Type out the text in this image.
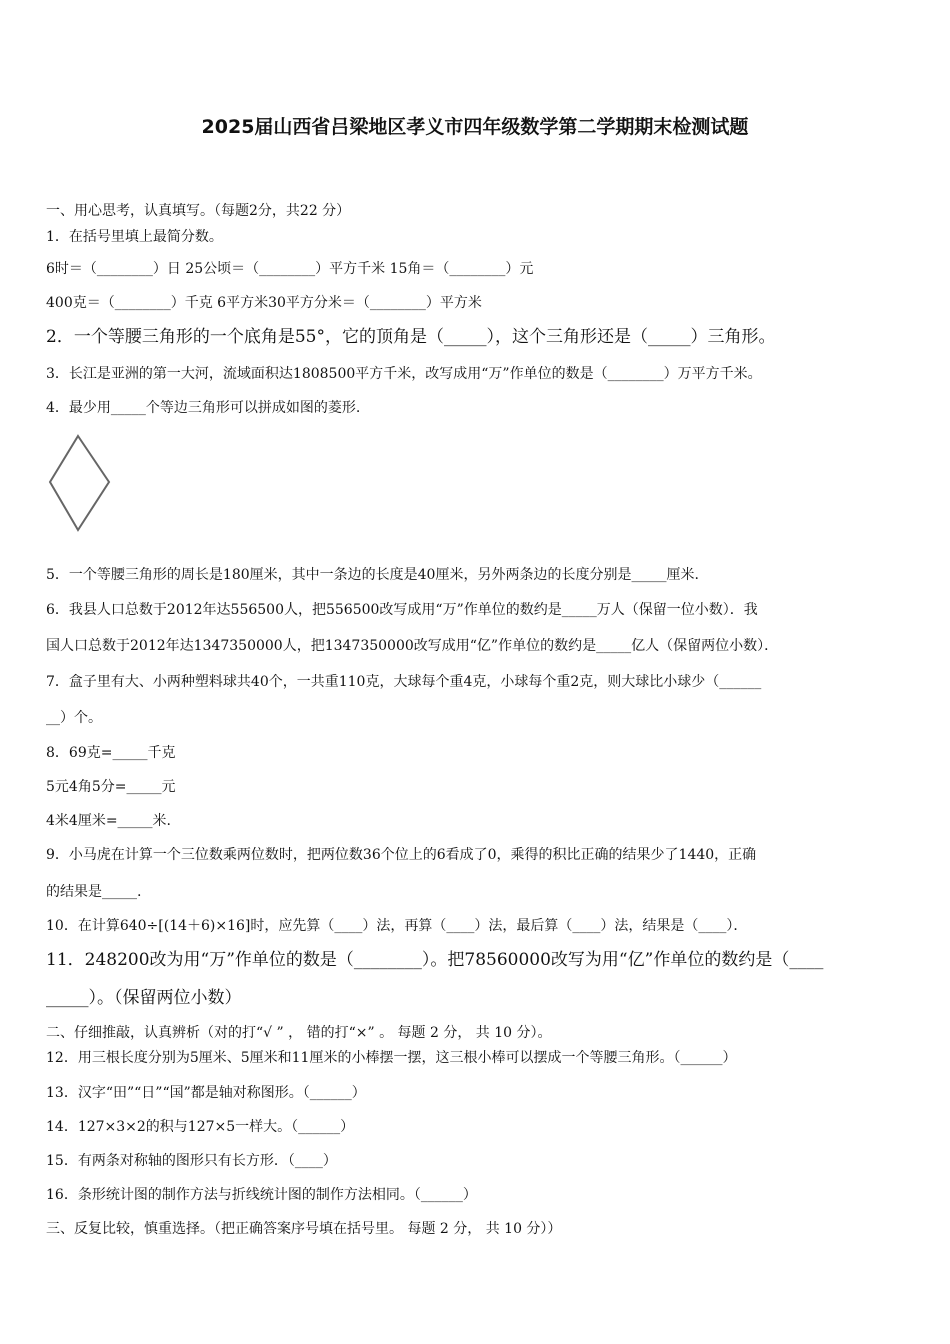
2025届山西省吕梁地区孝义市四年级数学第二学期期末检测试题
一、用心思考，认真填写。（每题2分，共22 分）
1．在括号里填上最简分数。
6时＝（________）日 25公顷＝（________）平方千米 15角＝（________）元
400克＝（________）千克 6平方米30平方分米＝（________）平方米
2．一个等腰三角形的一个底角是55°，它的顶角是（_____），这个三角形还是（_____）三角形。
3．长江是亚洲的第一大河，流域面积达1808500平方千米，改写成用“万”作单位的数是（________）万平方千米。
4．最少用_____个等边三角形可以拼成如图的菱形.
5．一个等腰三角形的周长是180厘米，其中一条边的长度是40厘米，另外两条边的长度分别是_____厘米.
6．我县人口总数于2012年达556500人，把556500改写成用“万”作单位的数约是_____万人（保留一位小数）．我
国人口总数于2012年达1347350000人，把1347350000改写成用“亿”作单位的数约是_____亿人（保留两位小数）．
7．盒子里有大、小两种塑料球共40个，一共重110克，大球每个重4克，小球每个重2克，则大球比小球少（______
__）个。
8．69克=_____千克
5元4角5分=_____元
4米4厘米=_____米.
9．小马虎在计算一个三位数乘两位数时，把两位数36个位上的6看成了0，乘得的积比正确的结果少了1440，正确
的结果是_____.
10．在计算640÷[(14＋6)×16]时，应先算（____）法，再算（____）法，最后算（____）法，结果是（____）．
11．248200改为用“万”作单位的数是（________）。把78560000改写为用“亿”作单位的数约是（____
_____）。（保留两位小数）
二、仔细推敲，认真辨析（对的打“√ ” ， 错的打“×” 。 每题 2 分， 共 10 分）。
12．用三根长度分别为5厘米、5厘米和11厘米的小棒摆一摆，这三根小棒可以摆成一个等腰三角形。（______）
13．汉字“田”“日”“国”都是轴对称图形。（______）
14．127×3×2的积与127×5一样大。（______）
15．有两条对称轴的图形只有长方形．（____）
16．条形统计图的制作方法与折线统计图的制作方法相同。（______）
三、反复比较，慎重选择。（把正确答案序号填在括号里。 每题 2 分， 共 10 分））
